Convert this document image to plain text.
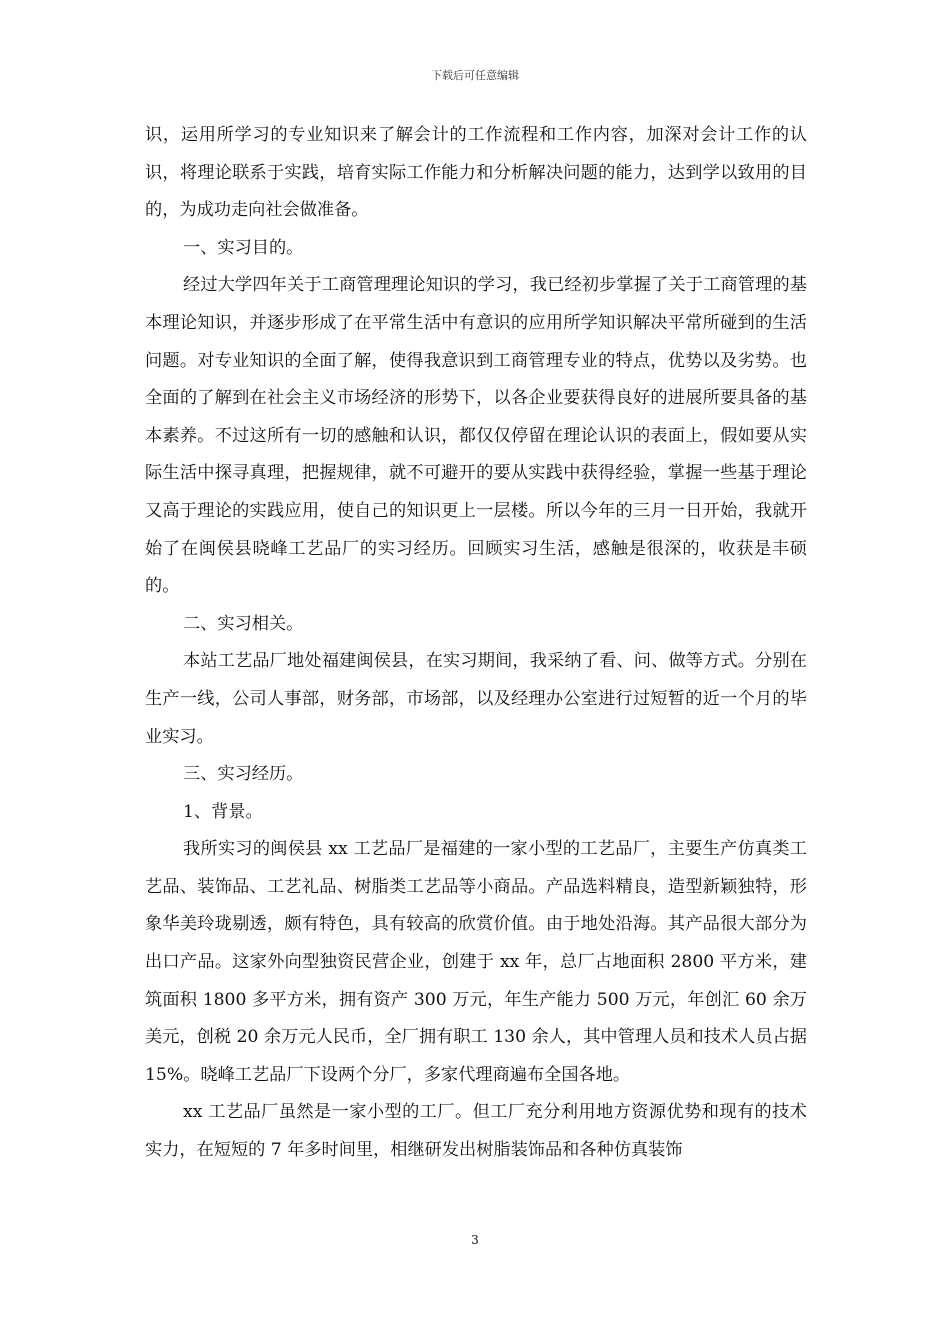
下载后可任意编辑

识，运用所学习的专业知识来了解会计的工作流程和工作内容，加深对会计工作的认识，将理论联系于实践，培育实际工作能力和分析解决问题的能力，达到学以致用的目的，为成功走向社会做准备。

一、实习目的。

经过大学四年关于工商管理理论知识的学习，我已经初步掌握了关于工商管理的基本理论知识，并逐步形成了在平常生活中有意识的应用所学知识解决平常所碰到的生活问题。对专业知识的全面了解，使得我意识到工商管理专业的特点，优势以及劣势。也全面的了解到在社会主义市场经济的形势下，以各企业要获得良好的进展所要具备的基本素养。不过这所有一切的感触和认识，都仅仅停留在理论认识的表面上，假如要从实际生活中探寻真理，把握规律，就不可避开的要从实践中获得经验，掌握一些基于理论又高于理论的实践应用，使自己的知识更上一层楼。所以今年的三月一日开始，我就开始了在闽侯县晓峰工艺品厂的实习经历。回顾实习生活，感触是很深的，收获是丰硕的。

二、实习相关。

本站工艺品厂地处福建闽侯县，在实习期间，我采纳了看、问、做等方式。分别在生产一线，公司人事部，财务部，市场部，以及经理办公室进行过短暂的近一个月的毕业实习。

三、实习经历。

1、背景。

我所实习的闽侯县 xx 工艺品厂是福建的一家小型的工艺品厂，主要生产仿真类工艺品、装饰品、工艺礼品、树脂类工艺品等小商品。产品选料精良，造型新颖独特，形象华美玲珑剔透，颇有特色，具有较高的欣赏价值。由于地处沿海。其产品很大部分为出口产品。这家外向型独资民营企业，创建于 xx 年，总厂占地面积 2800 平方米，建筑面积 1800 多平方米，拥有资产 300 万元，年生产能力 500 万元，年创汇 60 余万美元，创税 20 余万元人民币，全厂拥有职工 130 余人，其中管理人员和技术人员占据 15%。晓峰工艺品厂下设两个分厂，多家代理商遍布全国各地。

xx 工艺品厂虽然是一家小型的工厂。但工厂充分利用地方资源优势和现有的技术实力，在短短的 7 年多时间里，相继研发出树脂装饰品和各种仿真装饰

3
